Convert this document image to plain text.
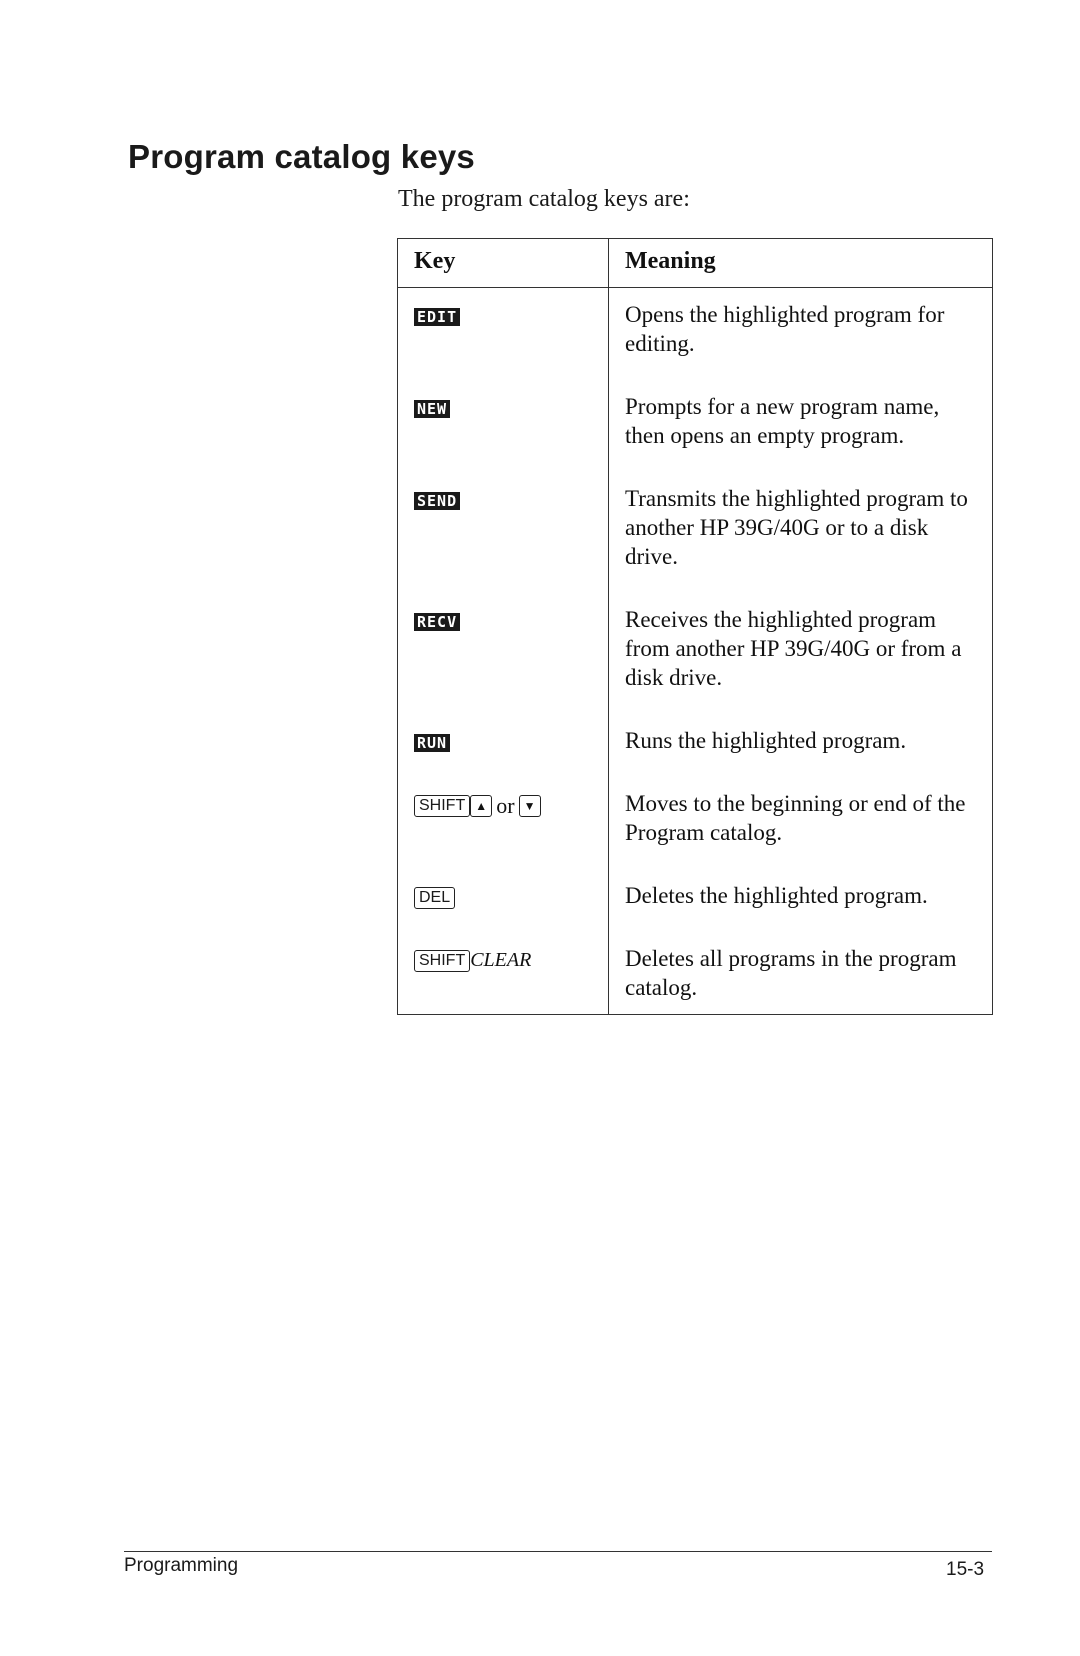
Program catalog keys
The program catalog keys are:
Key	Meaning
EDIT	Opens the highlighted program for editing.
NEW	Prompts for a new program name, then opens an empty program.
SEND	Transmits the highlighted program to another HP 39G/40G or to a disk drive.
RECV	Receives the highlighted program from another HP 39G/40G or from a disk drive.
RUN	Runs the highlighted program.
SHIFT ▲ or ▼	Moves to the beginning or end of the Program catalog.
DEL	Deletes the highlighted program.
SHIFT CLEAR	Deletes all programs in the program catalog.
Programming	15-3
